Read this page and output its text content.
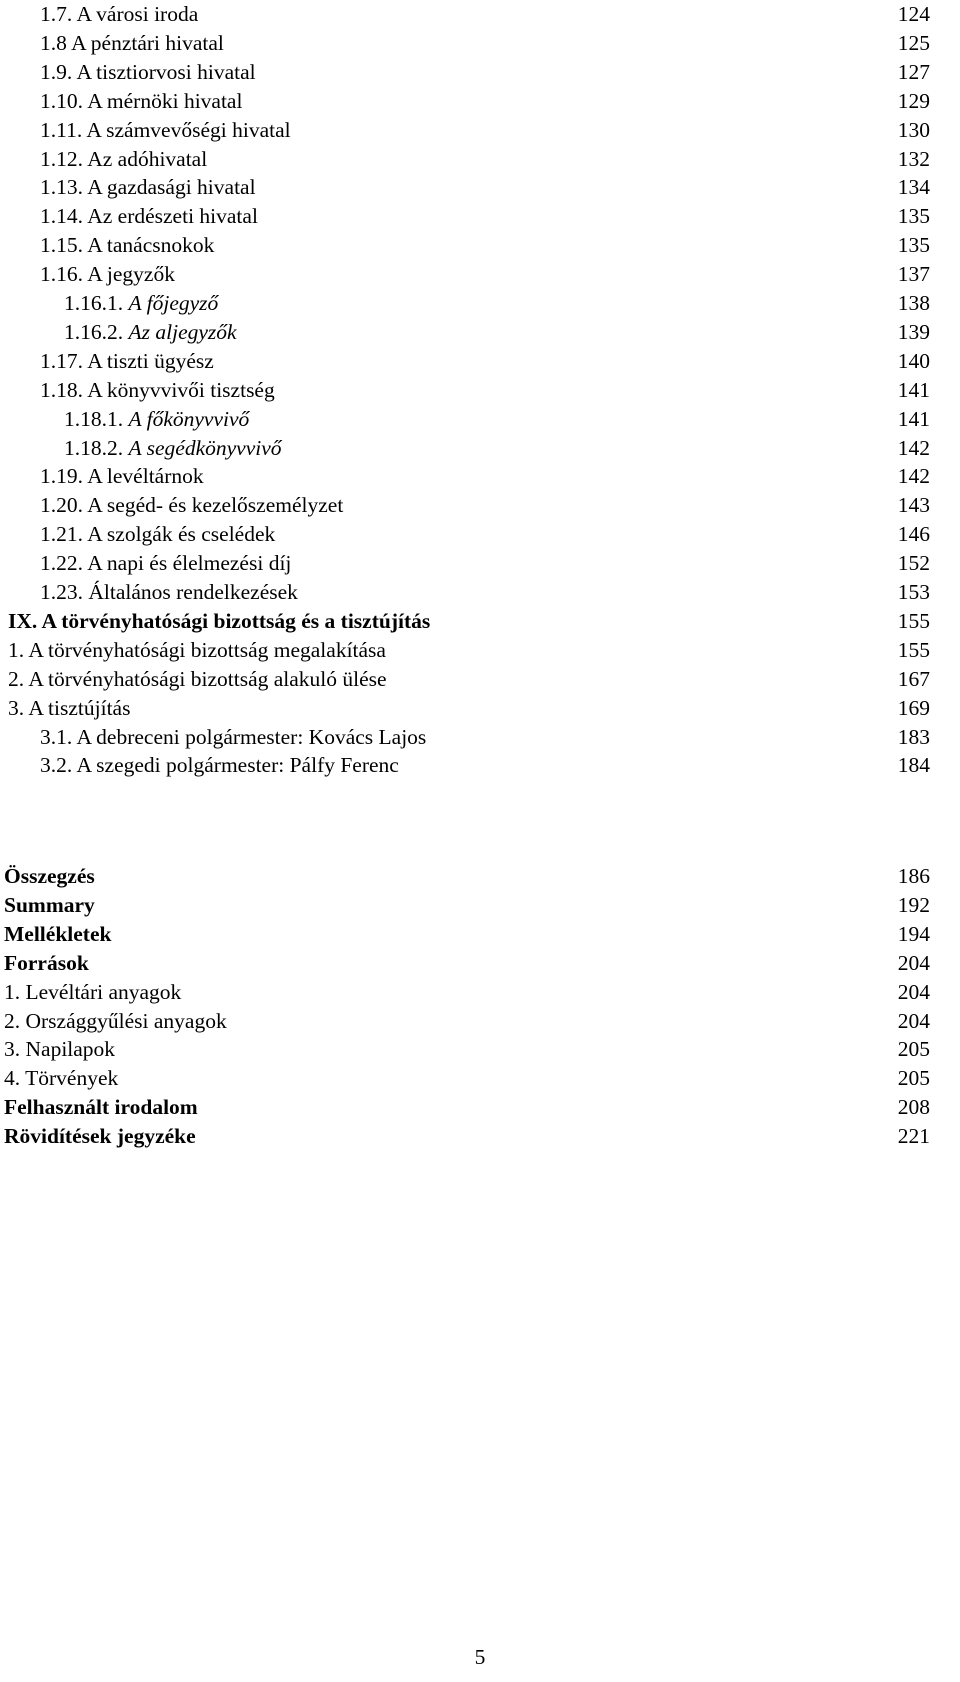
1.7. A városi iroda	124
1.8 A pénztári hivatal	125
1.9. A tisztiorvosi hivatal	127
1.10. A mérnöki hivatal	129
1.11. A számvevőségi hivatal	130
1.12. Az adóhivatal	132
1.13. A gazdasági hivatal	134
1.14. Az erdészeti hivatal	135
1.15. A tanácsnokok	135
1.16. A jegyzők	137
1.16.1. A főjegyző	138
1.16.2. Az aljegyzők	139
1.17. A tiszti ügyész	140
1.18. A könyvvivői tisztség	141
1.18.1. A főkönyvvivő	141
1.18.2. A segédkönyvvivő	142
1.19. A levéltárnok	142
1.20. A segéd- és kezelőszemélyzet	143
1.21. A szolgák és cselédek	146
1.22. A napi és élelmezési díj	152
1.23. Általános rendelkezések	153
IX. A törvényhatósági bizottság és a tisztújítás	155
1. A törvényhatósági bizottság megalakítása	155
2. A törvényhatósági bizottság alakuló ülése	167
3. A tisztújítás	169
3.1. A debreceni polgármester: Kovács Lajos	183
3.2. A szegedi polgármester: Pálfy Ferenc	184
Összegzés	186
Summary	192
Mellékletek	194
Források	204
1. Levéltári anyagok	204
2. Országgyűlési anyagok	204
3. Napilapok	205
4. Törvények	205
Felhasznált irodalom	208
Rövidítések jegyzéke	221
5
